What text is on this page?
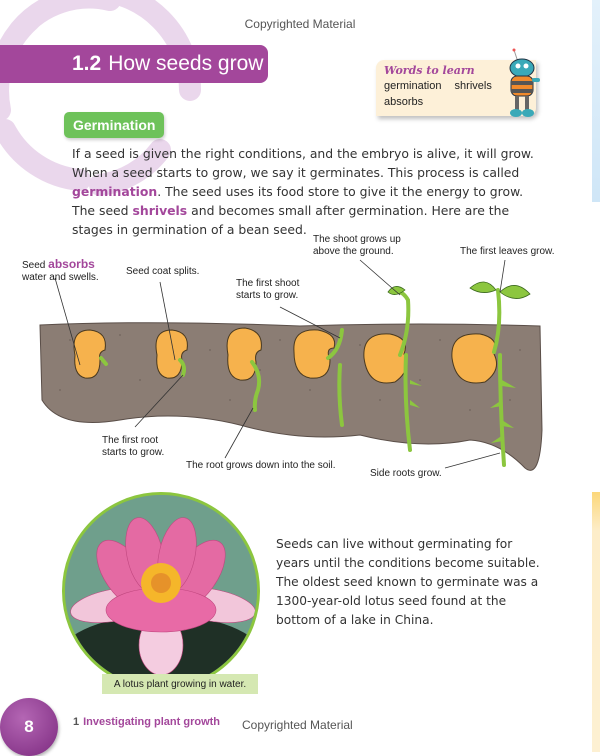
Copyrighted Material
1.2 How seeds grow	Words to learn
germination shrivels
absorbs
Germination
If a seed is given the right conditions, and the embryo is alive, it will grow. When a seed starts to grow, we say it germinates. This process is called
germination. The seed uses its food store to give it the energy to grow. The seed shrivels and becomes small after germination. Here are the stages in germination of a bean seed.
Seed absorbs
water and swells.
Seed coat splits.
The first shoot starts to grow.
The shoot grows up above the ground.	The first leaves grow.
The first root starts to grow.
The root grows down into the soil.
Side roots grow.
A lotus plant growing in water.
Seeds can live without germinating for years until the conditions become suitable. The oldest seed known to germinate was a 1300-year-old lotus seed found at the bottom of a lake in China.
8	1 Investigating plant growth Copyrighted Material
